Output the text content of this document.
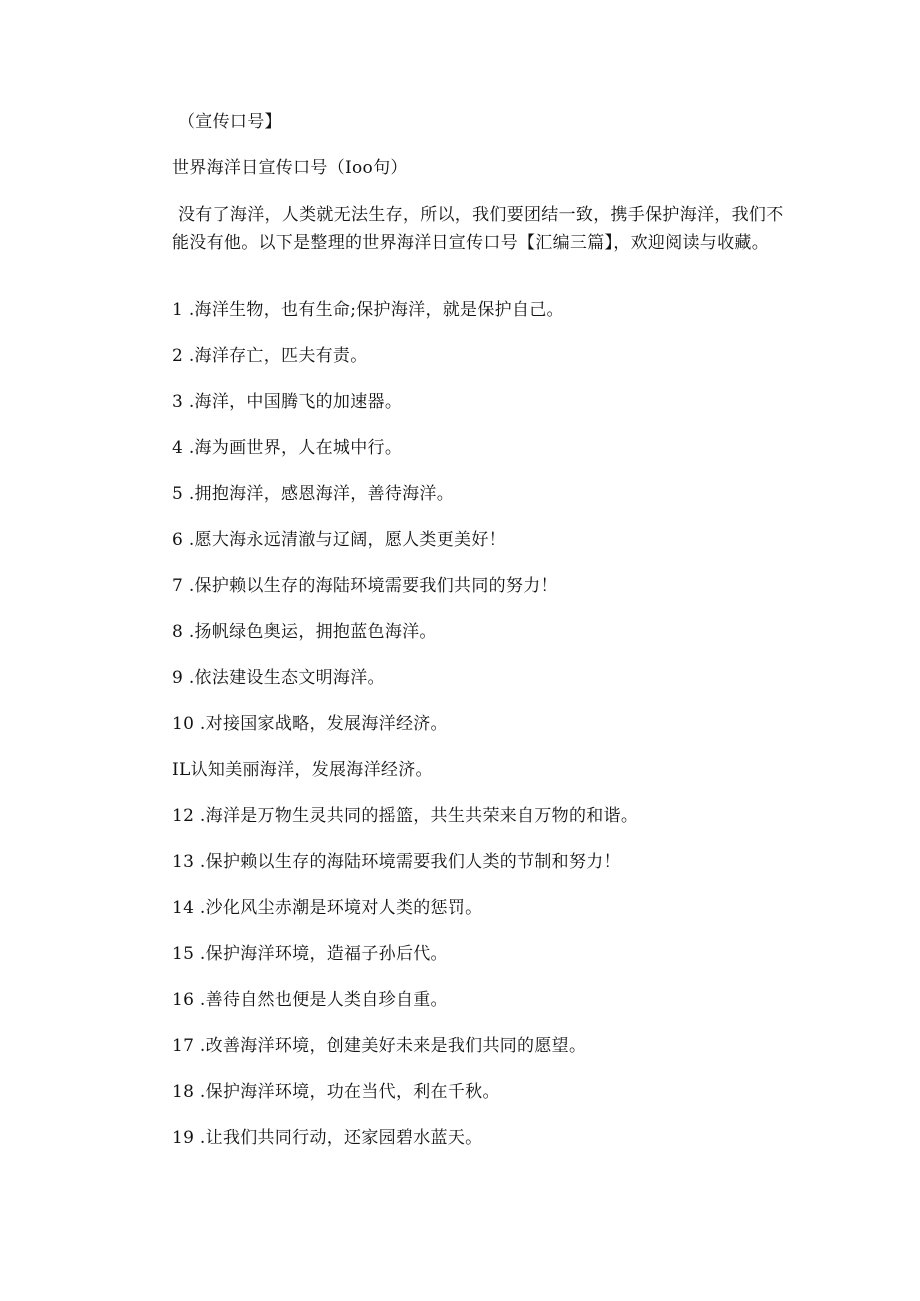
（宣传口号】
世界海洋日宣传口号（Ioo句）
没有了海洋，人类就无法生存，所以，我们要团结一致，携手保护海洋，我们不能没有他。以下是整理的世界海洋日宣传口号【汇编三篇】，欢迎阅读与收藏。
1 .海洋生物，也有生命;保护海洋，就是保护自己。
2 .海洋存亡，匹夫有责。
3 .海洋，中国腾飞的加速器。
4 .海为画世界，人在城中行。
5 .拥抱海洋，感恩海洋，善待海洋。
6 .愿大海永远清澈与辽阔，愿人类更美好！
7 .保护赖以生存的海陆环境需要我们共同的努力！
8 .扬帆绿色奥运，拥抱蓝色海洋。
9 .依法建设生态文明海洋。
10 .对接国家战略，发展海洋经济。
IL认知美丽海洋，发展海洋经济。
12 .海洋是万物生灵共同的摇篮，共生共荣来自万物的和谐。
13 .保护赖以生存的海陆环境需要我们人类的节制和努力！
14 .沙化风尘赤潮是环境对人类的惩罚。
15 .保护海洋环境，造福子孙后代。
16 .善待自然也便是人类自珍自重。
17 .改善海洋环境，创建美好未来是我们共同的愿望。
18 .保护海洋环境，功在当代，利在千秋。
19 .让我们共同行动，还家园碧水蓝天。
